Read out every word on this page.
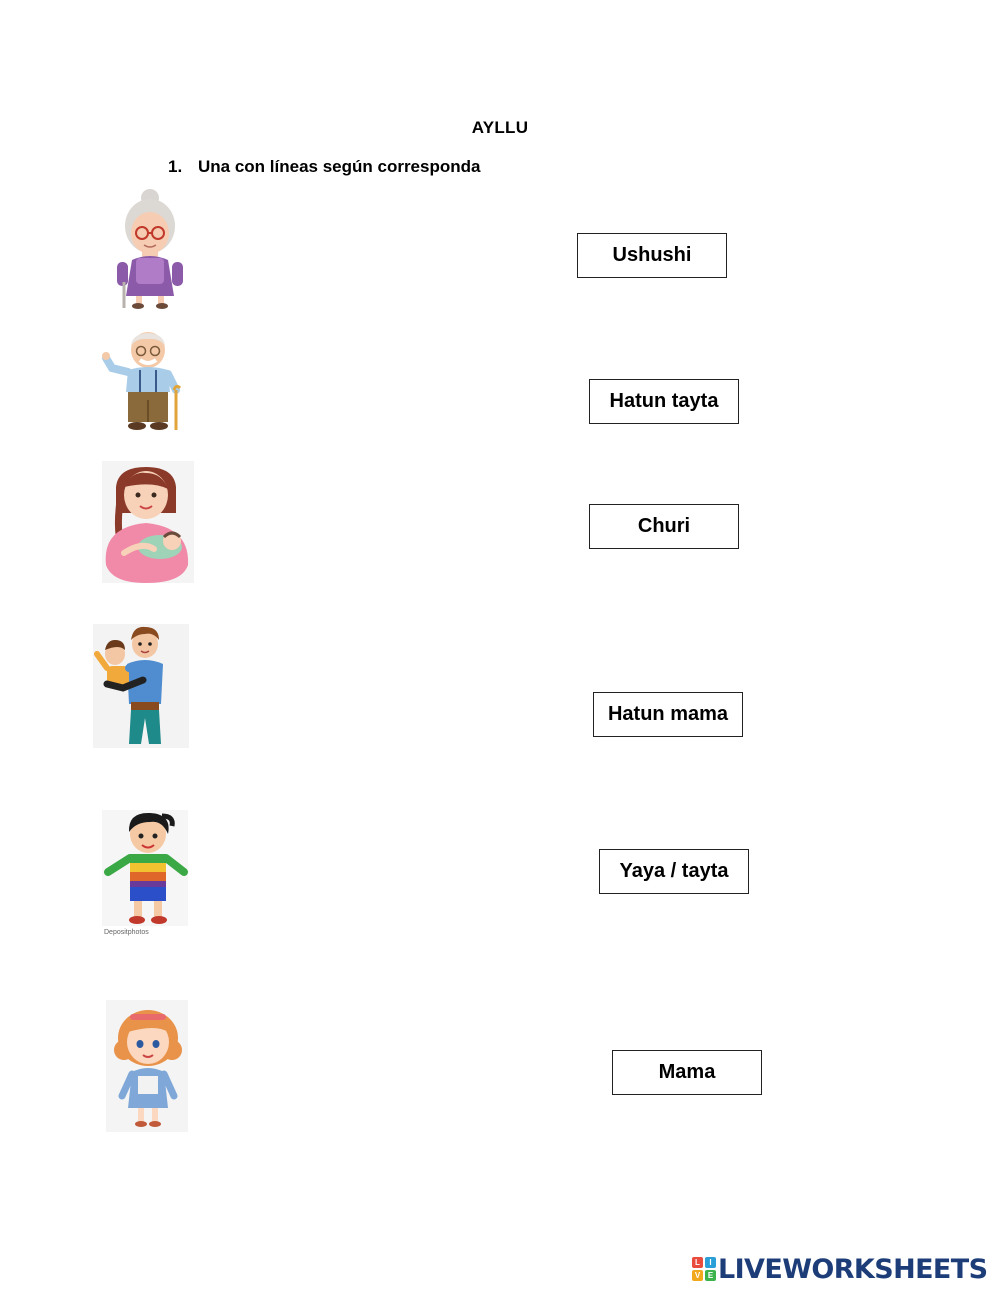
AYLLU
1. Una con líneas según corresponda
Depositphotos
Ushushi
Hatun tayta
Churi
Hatun mama
Yaya / tayta
Mama
L	I
V E LIVEWORKSHEETS
